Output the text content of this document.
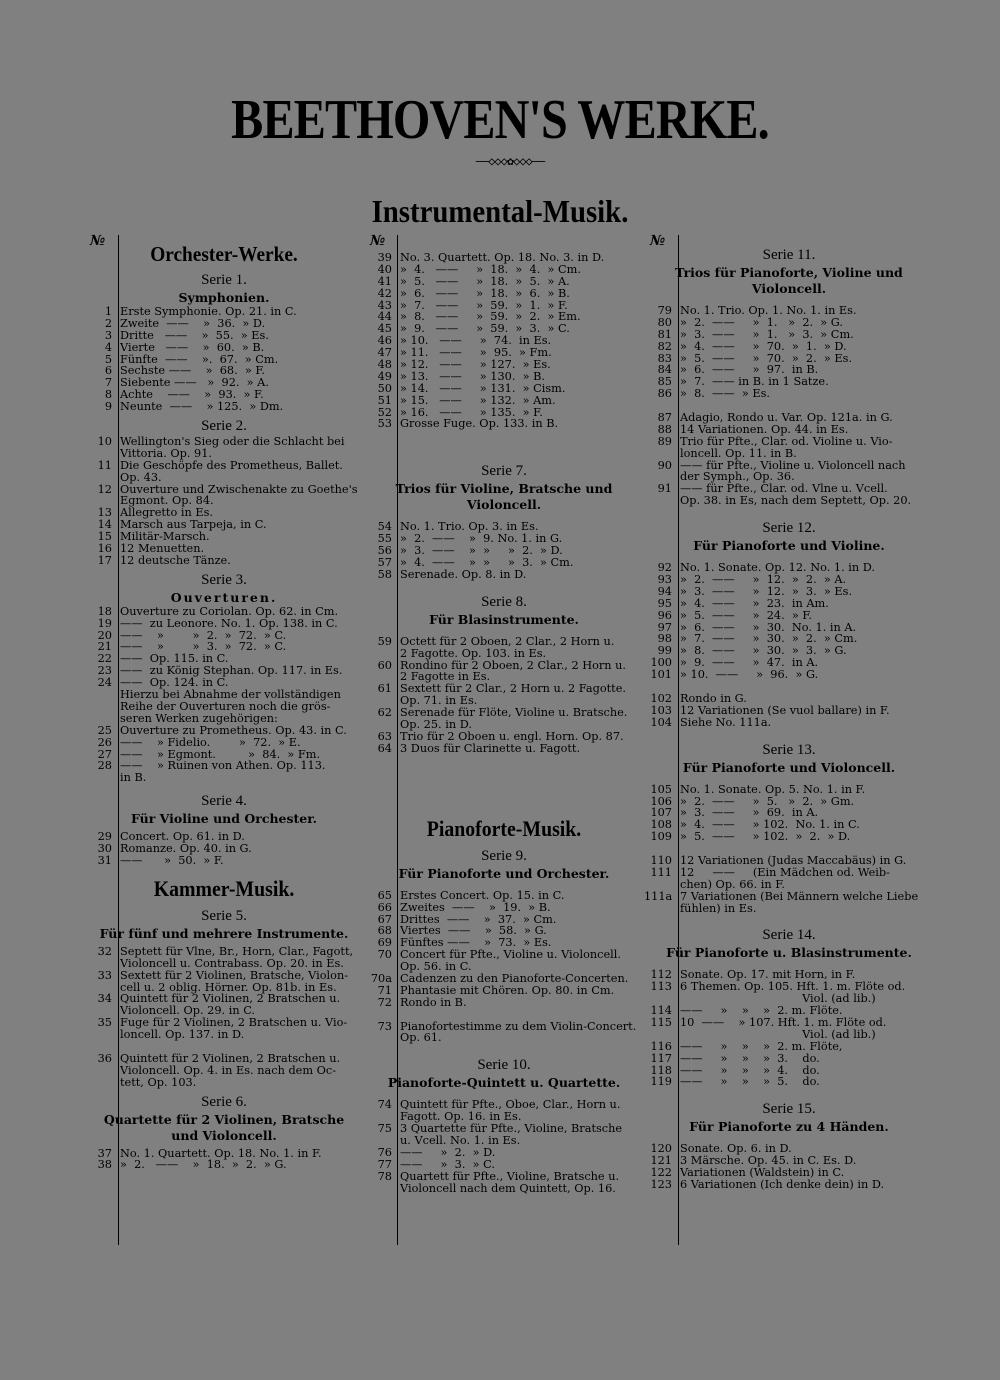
BEETHOVEN'S WERKE.
——◇◇◇✿◇◇◇——
Instrumental-Musik.
№	№	№
Orchester-Werke.
Serie 1.
Symphonien.
1 Erste Symphonie. Op. 21. in C.
2 Zweite  ——    »  36.  » D.
3 Dritte   ——    »  55.  » Es.
4 Vierte   ——    »  60.  » B.
5 Fünfte  ——    ».  67.  » Cm.
6 Sechste ——    »  68.  » F.
7 Siebente ——   »  92.  » A.
8 Achte    ——    »  93.  » F.
9 Neunte  ——    » 125.  » Dm.
Serie 2.
10 Wellington's Sieg oder die Schlacht bei
Vittoria. Op. 91.
11 Die Geschöpfe des Prometheus, Ballet.
Op. 43.
12 Ouverture und Zwischenakte zu Goethe's
Egmont. Op. 84.
13 Allegretto in Es.
14 Marsch aus Tarpeja, in C.
15 Militär-Marsch.
16 12 Menuetten.
17 12 deutsche Tänze.
Serie 3.
Ouverturen.
18 Ouverture zu Coriolan. Op. 62. in Cm.
19 ——  zu Leonore. No. 1. Op. 138. in C.
20 ——    »        »  2.  »  72.  » C.
21 ——    »        »  3.  »  72.  » C.
22 ——  Op. 115. in C.
23 ——  zu König Stephan. Op. 117. in Es.
24 ——  Op. 124. in C.
Hierzu bei Abnahme der vollständigen
Reihe der Ouverturen noch die grös-
seren Werken zugehörigen:
25 Ouverture zu Prometheus. Op. 43. in C.
26 ——    » Fidelio.        »  72.  » E.
27 ——    » Egmont.         »  84.  » Fm.
28 ——    » Ruinen von Athen. Op. 113.
in B.
Serie 4.
Für Violine und Orchester.
29 Concert. Op. 61. in D.
30 Romanze. Op. 40. in G.
31 ——      »  50.  » F.
Kammer-Musik.
Serie 5.
Für fünf und mehrere Instrumente.
32 Septett für Vlne, Br., Horn, Clar., Fagott,
Violoncell u. Contrabass. Op. 20. in Es.
33 Sextett für 2 Violinen, Bratsche, Violon-
cell u. 2 oblig. Hörner. Op. 81b. in Es.
34 Quintett für 2 Violinen, 2 Bratschen u.
Violoncell. Op. 29. in C.
35 Fuge für 2 Violinen, 2 Bratschen u. Vio-
loncell. Op. 137. in D.
36 Quintett für 2 Violinen, 2 Bratschen u.
Violoncell. Op. 4. in Es. nach dem Oc-
tett, Op. 103.
Serie 6.
Quartette für 2 Violinen, Bratsche
und Violoncell.
37 No. 1. Quartett. Op. 18. No. 1. in F.
38 »  2.   ——    »  18.  »  2.  » G.
39 No. 3. Quartett. Op. 18. No. 3. in D.
40 »  4.   ——     »  18.  »  4.  » Cm.
41 »  5.   ——     »  18.  »  5.  » A.
42 »  6.   ——     »  18.  »  6.  » B.
43 »  7.   ——     »  59.  »  1.  » F.
44 »  8.   ——     »  59.  »  2.  » Em.
45 »  9.   ——     »  59.  »  3.  » C.
46 » 10.   ——     »  74.  in Es.
47 » 11.   ——     »  95.  » Fm.
48 » 12.   ——     » 127.  » Es.
49 » 13.   ——     » 130.  » B.
50 » 14.   ——     » 131.  » Cism.
51 » 15.   ——     » 132.  » Am.
52 » 16.   ——     » 135.  » F.
53 Grosse Fuge. Op. 133. in B.
Serie 7.
Trios für Violine, Bratsche und
Violoncell.
54 No. 1. Trio. Op. 3. in Es.
55 »  2.  ——    »  9. No. 1. in G.
56 »  3.  ——    »  »     »  2.  » D.
57 »  4.  ——    »  »     »  3.  » Cm.
58 Serenade. Op. 8. in D.
Serie 8.
Für Blasinstrumente.
59 Octett für 2 Oboen, 2 Clar., 2 Horn u.
2 Fagotte. Op. 103. in Es.
60 Rondino für 2 Oboen, 2 Clar., 2 Horn u.
2 Fagotte in Es.
61 Sextett für 2 Clar., 2 Horn u. 2 Fagotte.
Op. 71. in Es.
62 Serenade für Flöte, Violine u. Bratsche.
Op. 25. in D.
63 Trio für 2 Oboen u. engl. Horn. Op. 87.
64 3 Duos für Clarinette u. Fagott.
Pianoforte-Musik.
Serie 9.
Für Pianoforte und Orchester.
65 Erstes Concert. Op. 15. in C.
66 Zweites  ——    »  19.  » B.
67 Drittes  ——    »  37.  » Cm.
68 Viertes  ——    »  58.  » G.
69 Fünftes ——    »  73.  » Es.
70 Concert für Pfte., Violine u. Violoncell.
Op. 56. in C.
70a Cadenzen zu den Pianoforte-Concerten.
71 Phantasie mit Chören. Op. 80. in Cm.
72 Rondo in B.
73 Pianofortestimme zu dem Violin-Concert.
Op. 61.
Serie 10.
Pianoforte-Quintett u. Quartette.
74 Quintett für Pfte., Oboe, Clar., Horn u.
Fagott. Op. 16. in Es.
75 3 Quartette für Pfte., Violine, Bratsche
u. Vcell. No. 1. in Es.
76 ——     »  2.  » D.
77 ——     »  3.  » C.
78 Quartett für Pfte., Violine, Bratsche u.
Violoncell nach dem Quintett, Op. 16.
Serie 11.
Trios für Pianoforte, Violine und
Violoncell.
79 No. 1. Trio. Op. 1. No. 1. in Es.
80 »  2.  ——     »  1.   »  2.  » G.
81 »  3.  ——     »  1.   »  3.  » Cm.
82 »  4.  ——     »  70.  »  1.  » D.
83 »  5.  ——     »  70.  »  2.  » Es.
84 »  6.  ——     »  97.  in B.
85 »  7.  —— in B. in 1 Satze.
86 »  8.  ——  » Es.
87 Adagio, Rondo u. Var. Op. 121a. in G.
88 14 Variationen. Op. 44. in Es.
89 Trio für Pfte., Clar. od. Violine u. Vio-
loncell. Op. 11. in B.
90 —— für Pfte., Violine u. Violoncell nach
der Symph., Op. 36.
91 —— für Pfte., Clar. od. Vlne u. Vcell.
Op. 38. in Es, nach dem Septett, Op. 20.
Serie 12.
Für Pianoforte und Violine.
92 No. 1. Sonate. Op. 12. No. 1. in D.
93 »  2.  ——     »  12.  »  2.  » A.
94 »  3.  ——     »  12.  »  3.  » Es.
95 »  4.  ——     »  23.  in Am.
96 »  5.  ——     »  24.  » F.
97 »  6.  ——     »  30.  No. 1. in A.
98 »  7.  ——     »  30.  »  2.  » Cm.
99 »  8.  ——     »  30.  »  3.  » G.
100 »  9.  ——     »  47.  in A.
101 » 10.  ——     »  96.  » G.
102 Rondo in G.
103 12 Variationen (Se vuol ballare) in F.
104 Siehe No. 111a.
Serie 13.
Für Pianoforte und Violoncell.
105 No. 1. Sonate. Op. 5. No. 1. in F.
106 »  2.  ——     »  5.   »  2.  » Gm.
107 »  3.  ——     »  69.  in A.
108 »  4.  ——     » 102.  No. 1. in C.
109 »  5.  ——     » 102.  »  2.  » D.
110 12 Variationen (Judas Maccabäus) in G.
111 12     ——     (Ein Mädchen od. Weib-
chen) Op. 66. in F.
111a 7 Variationen (Bei Männern welche Liebe
fühlen) in Es.
Serie 14.
Für Pianoforte u. Blasinstrumente.
112 Sonate. Op. 17. mit Horn, in F.
113 6 Themen. Op. 105. Hft. 1. m. Flöte od.
Viol. (ad lib.)
114 ——     »    »    »  2. m. Flöte.
115 10  ——    » 107. Hft. 1. m. Flöte od.
Viol. (ad lib.)
116 ——     »    »    »  2. m. Flöte,
117 ——     »    »    »  3.    do.
118 ——     »    »    »  4.    do.
119 ——     »    »    »  5.    do.
Serie 15.
Für Pianoforte zu 4 Händen.
120 Sonate. Op. 6. in D.
121 3 Märsche. Op. 45. in C. Es. D.
122 Variationen (Waldstein) in C.
123 6 Variationen (Ich denke dein) in D.
